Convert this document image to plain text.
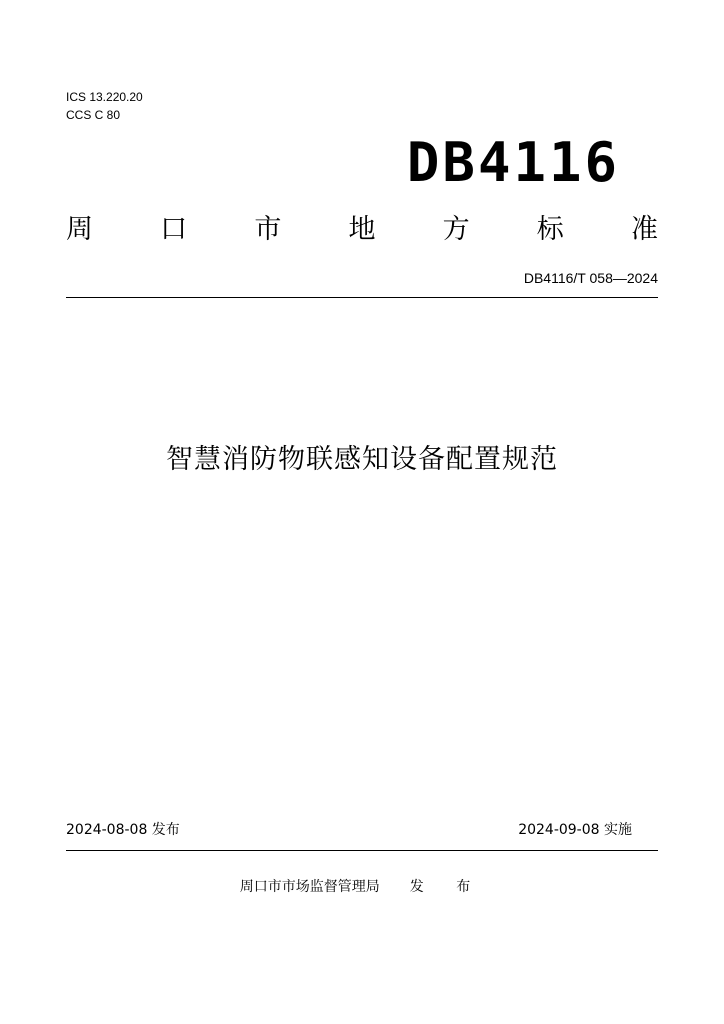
ICS 13.220.20
CCS C 80
DB4116
周 口 市 地 方 标 准
DB4116/T 058—2024
智慧消防物联感知设备配置规范
2024-08-08 发布	2024-09-08 实施
周口市市场监督管理局 发 布
